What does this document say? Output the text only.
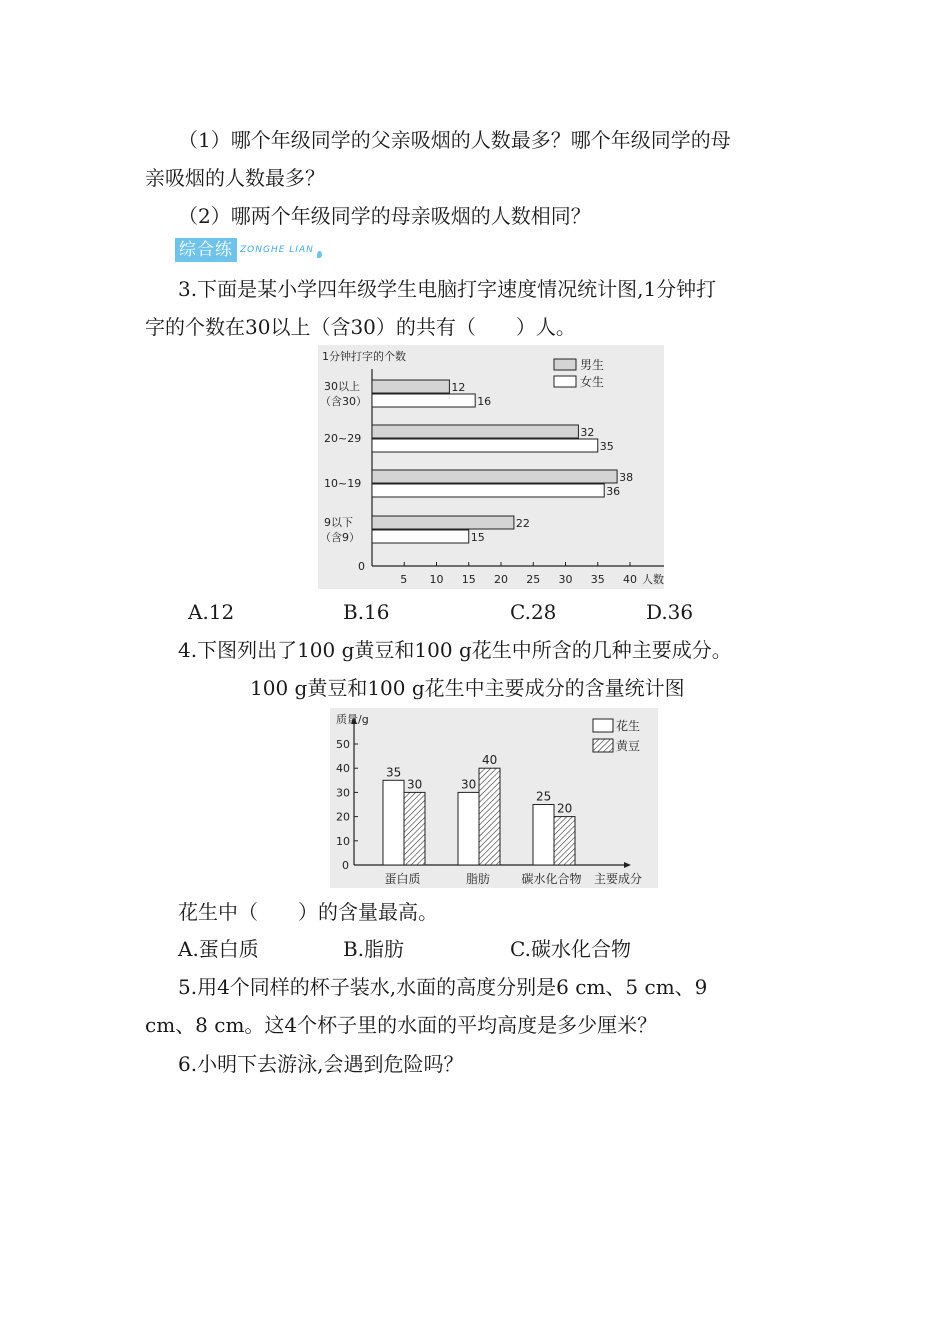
（1）哪个年级同学的父亲吸烟的人数最多？哪个年级同学的母
亲吸烟的人数最多？
（2）哪两个年级同学的母亲吸烟的人数相同？
综合练 ZONGHE LIAN
3.下面是某小学四年级学生电脑打字速度情况统计图,1分钟打
字的个数在30以上（含30）的共有（　　）人。
1分钟打字的个数
0
5 10 15 20 25 30 35 40 人数
30以上
（含30）
12
16
20~29	32
35
10~19	38
36
9以下
（含9）
22
15
男生
女生
A.12	B.16	C.28	D.36
4.下图列出了100 g黄豆和100 g花生中所含的几种主要成分。
100 g黄豆和100 g花生中主要成分的含量统计图
质量/g
0
10
20
30
40
50
35
30
蛋白质
30
40
脂肪
25
20
碳水化合物 主要成分
花生
黄豆
花生中（　　）的含量最高。
A.蛋白质	B.脂肪	C.碳水化合物
5.用4个同样的杯子装水,水面的高度分别是6 cm、5 cm、9
cm、8 cm。这4个杯子里的水面的平均高度是多少厘米？
6.小明下去游泳,会遇到危险吗？
